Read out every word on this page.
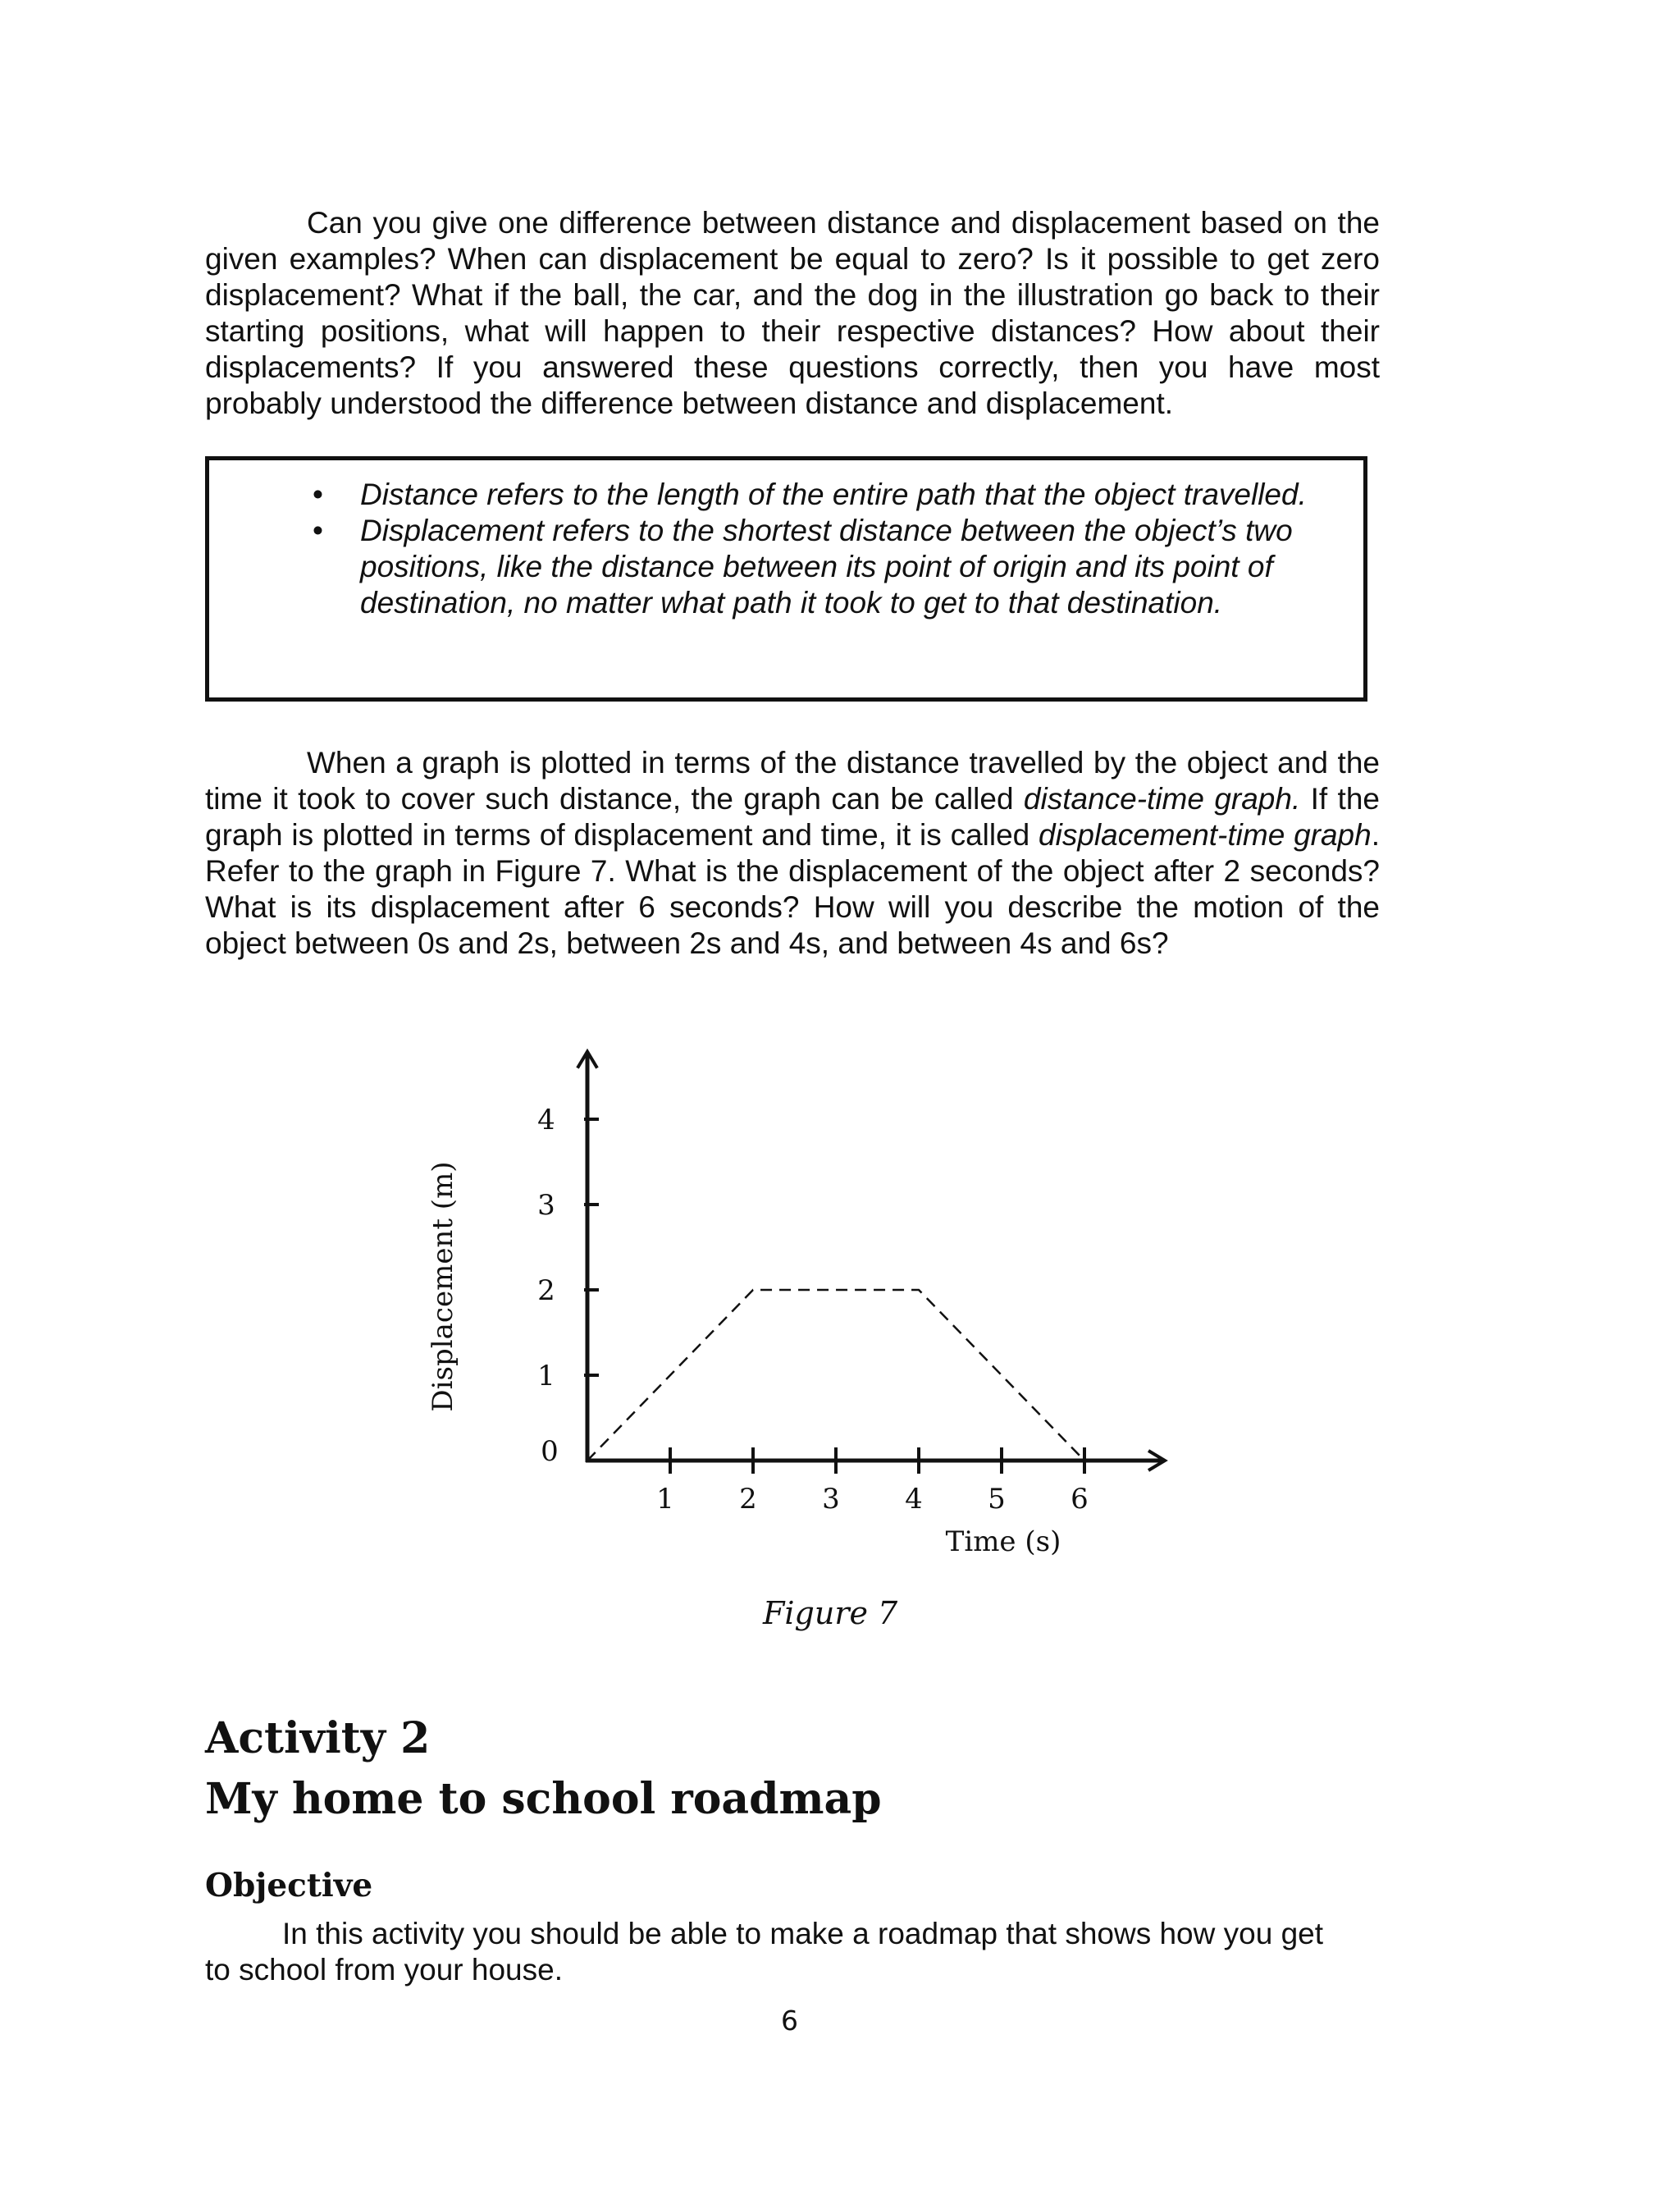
Can you give one difference between distance and displacement based on the given examples? When can displacement be equal to zero? Is it possible to get zero displacement? What if the ball, the car, and the dog in the illustration go back to their starting positions, what will happen to their respective distances? How about their displacements? If you answered these questions correctly, then you have most probably understood the difference between distance and displacement.

• Distance refers to the length of the entire path that the object travelled.
• Displacement refers to the shortest distance between the object’s two positions, like the distance between its point of origin and its point of destination, no matter what path it took to get to that destination.

When a graph is plotted in terms of the distance travelled by the object and the time it took to cover such distance, the graph can be called distance-time graph. If the graph is plotted in terms of displacement and time, it is called displacement-time graph. Refer to the graph in Figure 7. What is the displacement of the object after 2 seconds? What is its displacement after 6 seconds? How will you describe the motion of the object between 0s and 2s, between 2s and 4s, and between 4s and 6s?

1
2
3
4
0
1 2 3 4 5 6
Time (s)
Displacement (m)
Figure 7
Activity 2
My home to school roadmap
Objective

In this activity you should be able to make a roadmap that shows how you get to school from your house.

6
